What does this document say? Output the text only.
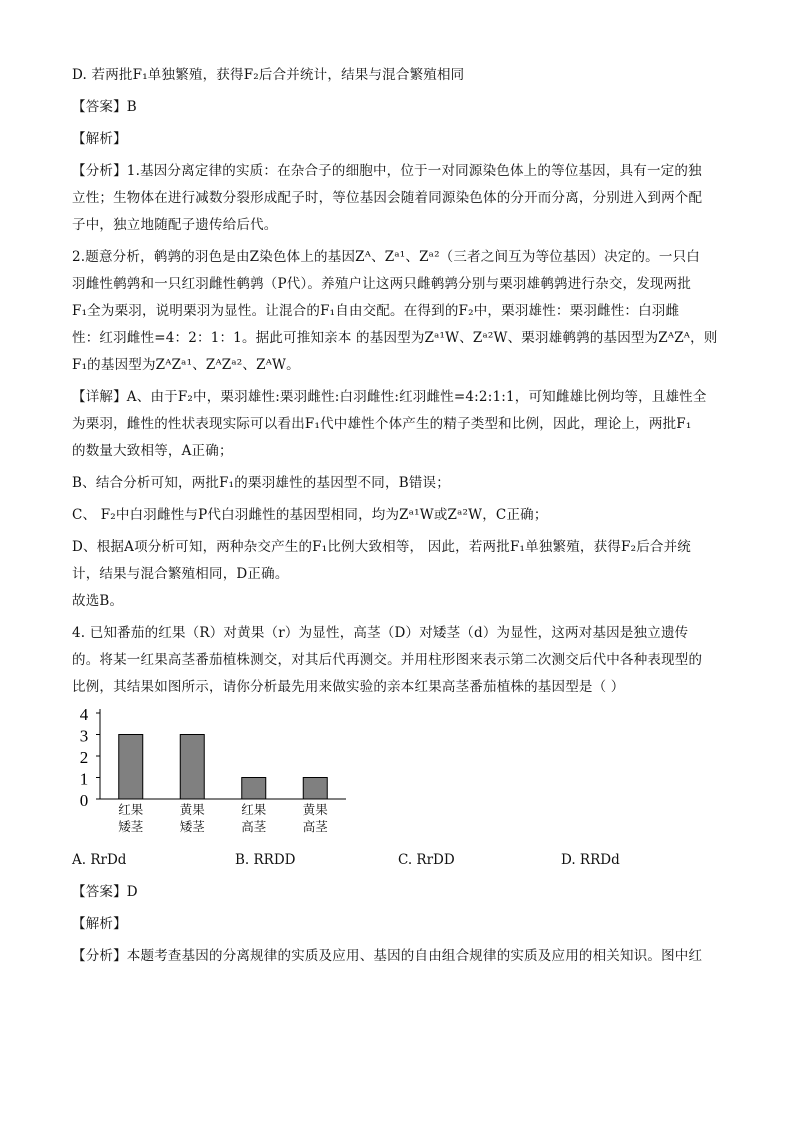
D. 若两批F₁单独繁殖，获得F₂后合并统计，结果与混合繁殖相同

【答案】B

【解析】

【分析】1.基因分离定律的实质：在杂合子的细胞中，位于一对同源染色体上的等位基因，具有一定的独

立性；生物体在进行减数分裂形成配子时，等位基因会随着同源染色体的分开而分离，分别进入到两个配

子中，独立地随配子遗传给后代。

2.题意分析，鹌鹑的羽色是由Z染色体上的基因Zᴬ、Zᵃ¹、Zᵃ²（三者之间互为等位基因）决定的。一只白

羽雌性鹌鹑和一只红羽雌性鹌鹑（P代）。养殖户让这两只雌鹌鹑分别与栗羽雄鹌鹑进行杂交，发现两批

F₁全为栗羽，说明栗羽为显性。让混合的F₁自由交配。在得到的F₂中，栗羽雄性：栗羽雌性：白羽雌

性：红羽雌性=4：2：1：1。据此可推知亲本 的基因型为Zᵃ¹W、Zᵃ²W、栗羽雄鹌鹑的基因型为ZᴬZᴬ，则

F₁的基因型为ZᴬZᵃ¹、ZᴬZᵃ²、ZᴬW。

【详解】A、由于F₂中，栗羽雄性:栗羽雌性:白羽雌性:红羽雌性=4:2:1:1，可知雌雄比例均等，且雄性全

为栗羽，雌性的性状表现实际可以看出F₁代中雄性个体产生的精子类型和比例，因此，理论上，两批F₁

的数量大致相等，A正确；

B、结合分析可知，两批F₁的栗羽雄性的基因型不同，B错误；

C、 F₂中白羽雌性与P代白羽雌性的基因型相同，均为Zᵃ¹W或Zᵃ²W，C正确；

D、根据A项分析可知，两种杂交产生的F₁比例大致相等， 因此，若两批F₁单独繁殖，获得F₂后合并统

计，结果与混合繁殖相同，D正确。

故选B。

4. 已知番茄的红果（R）对黄果（r）为显性，高茎（D）对矮茎（d）为显性，这两对基因是独立遗传

的。将某一红果高茎番茄植株测交，对其后代再测交。并用柱形图来表示第二次测交后代中各种表现型的

比例，其结果如图所示，请你分析最先用来做实验的亲本红果高茎番茄植株的基因型是（ ）

0
1
2
3
4
红果
矮茎
黄果
矮茎
红果
高茎
黄果
高茎
A. RrDd	B. RRDD	C. RrDD	D. RRDd

【答案】D

【解析】

【分析】本题考查基因的分离规律的实质及应用、基因的自由组合规律的实质及应用的相关知识。图中红
